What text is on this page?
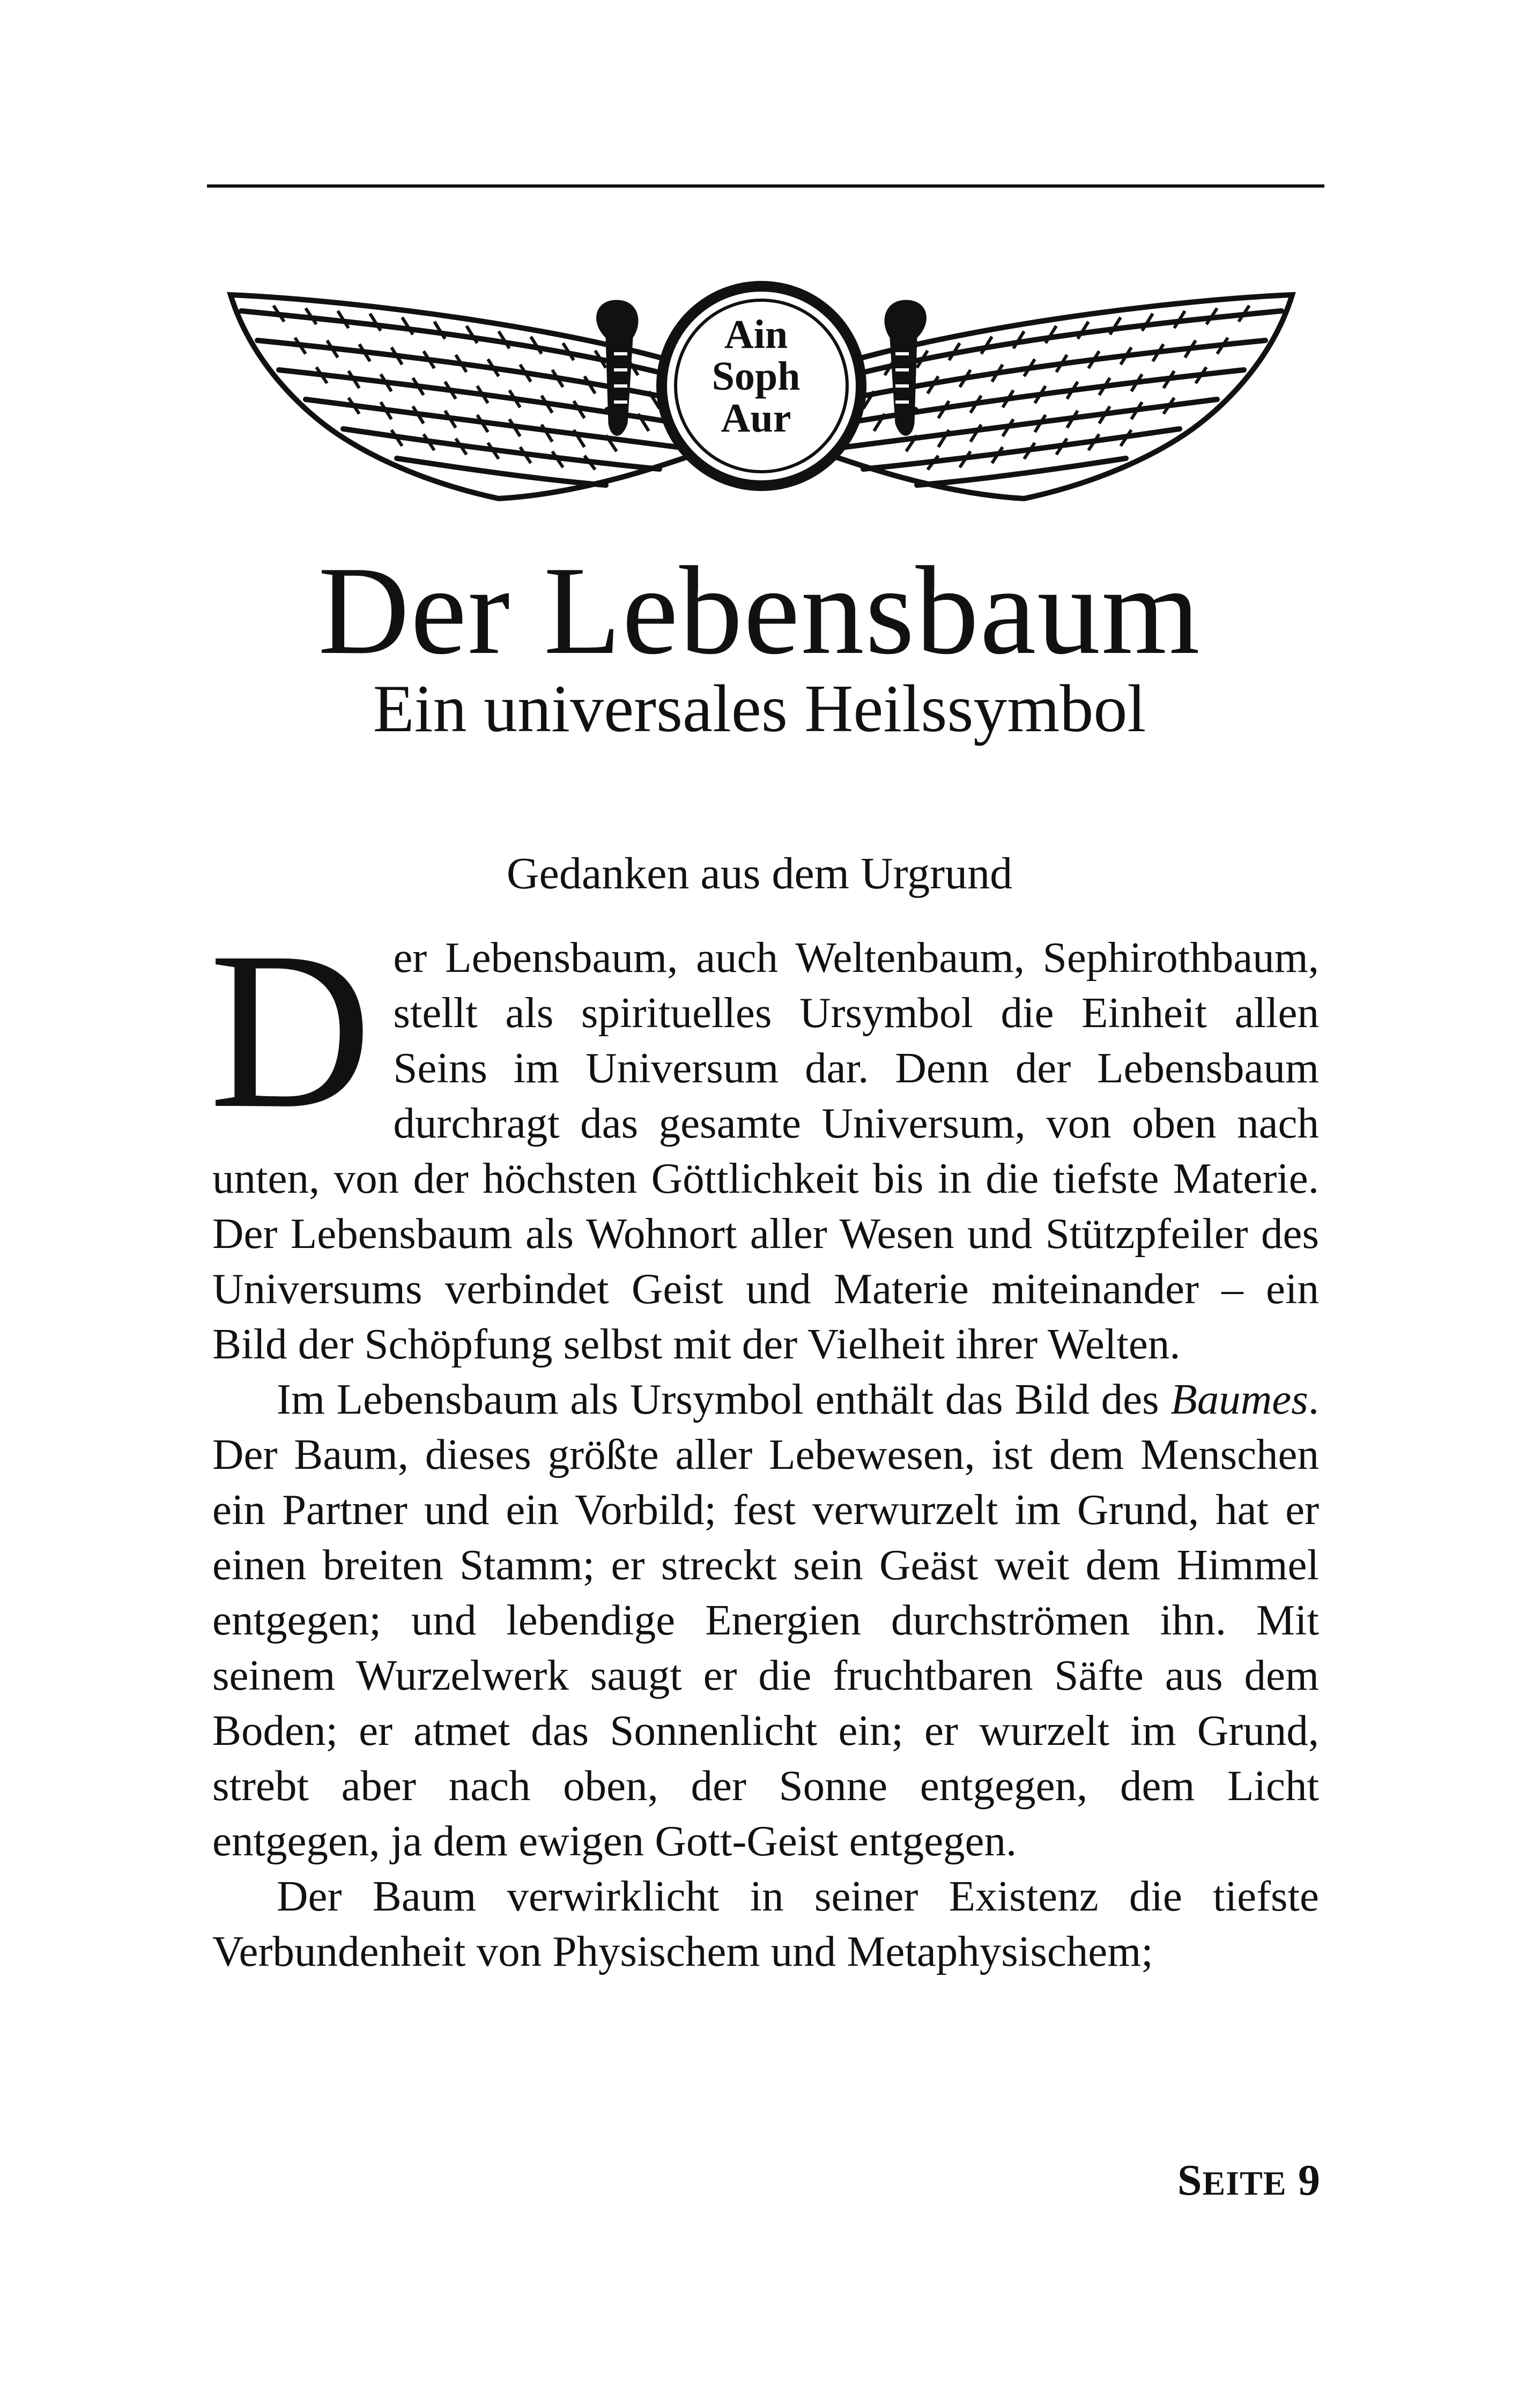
Ain
Soph
Aur
Der Lebensbaum
Ein universales Heilssymbol
Gedanken aus dem Urgrund

Der Lebensbaum, auch Weltenbaum, Sephirothbaum, stellt als spirituelles Ursymbol die Einheit allen Seins im Universum dar. Denn der Lebensbaum durchragt das gesamte Universum, von oben nach unten, von der höchsten Göttlichkeit bis in die tiefste Materie. Der Lebensbaum als Wohnort aller Wesen und Stützpfeiler des Universums verbindet Geist und Materie miteinander – ein Bild der Schöpfung selbst mit der Vielheit ihrer Welten.

Im Lebensbaum als Ursymbol enthält das Bild des Baumes. Der Baum, dieses größte aller Lebewesen, ist dem Menschen ein Partner und ein Vorbild; fest verwurzelt im Grund, hat er einen breiten Stamm; er streckt sein Geäst weit dem Himmel entgegen; und lebendige Energien durchströmen ihn. Mit seinem Wurzelwerk saugt er die fruchtbaren Säfte aus dem Boden; er atmet das Sonnenlicht ein; er wurzelt im Grund, strebt aber nach oben, der Sonne entgegen, dem Licht entgegen, ja dem ewigen Gott-Geist entgegen.

Der Baum verwirklicht in seiner Existenz die tiefste Verbundenheit von Physischem und Metaphysischem;

SEITE 9
